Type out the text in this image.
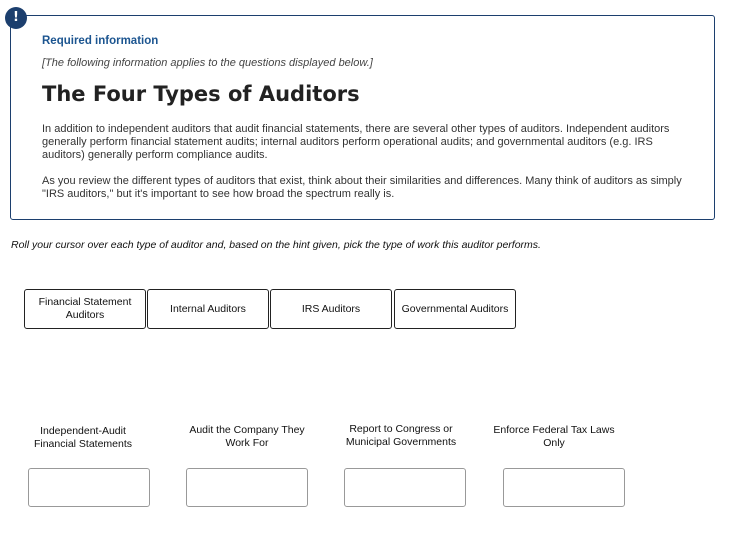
!

Required information

[The following information applies to the questions displayed below.]

The Four Types of Auditors

In addition to independent auditors that audit financial statements, there are several other types of auditors. Independent auditors generally perform financial statement audits; internal auditors perform operational audits; and governmental auditors (e.g. IRS auditors) generally perform compliance audits.

As you review the different types of auditors that exist, think about their similarities and differences. Many think of auditors as simply "IRS auditors," but it's important to see how broad the spectrum really is.

Roll your cursor over each type of auditor and, based on the hint given, pick the type of work this auditor performs.

Financial Statement Auditors
Internal Auditors	IRS Auditors	Governmental Auditors
Independent-Audit Financial Statements
Audit the Company They Work For
Report to Congress or Municipal Governments
Enforce Federal Tax Laws Only
